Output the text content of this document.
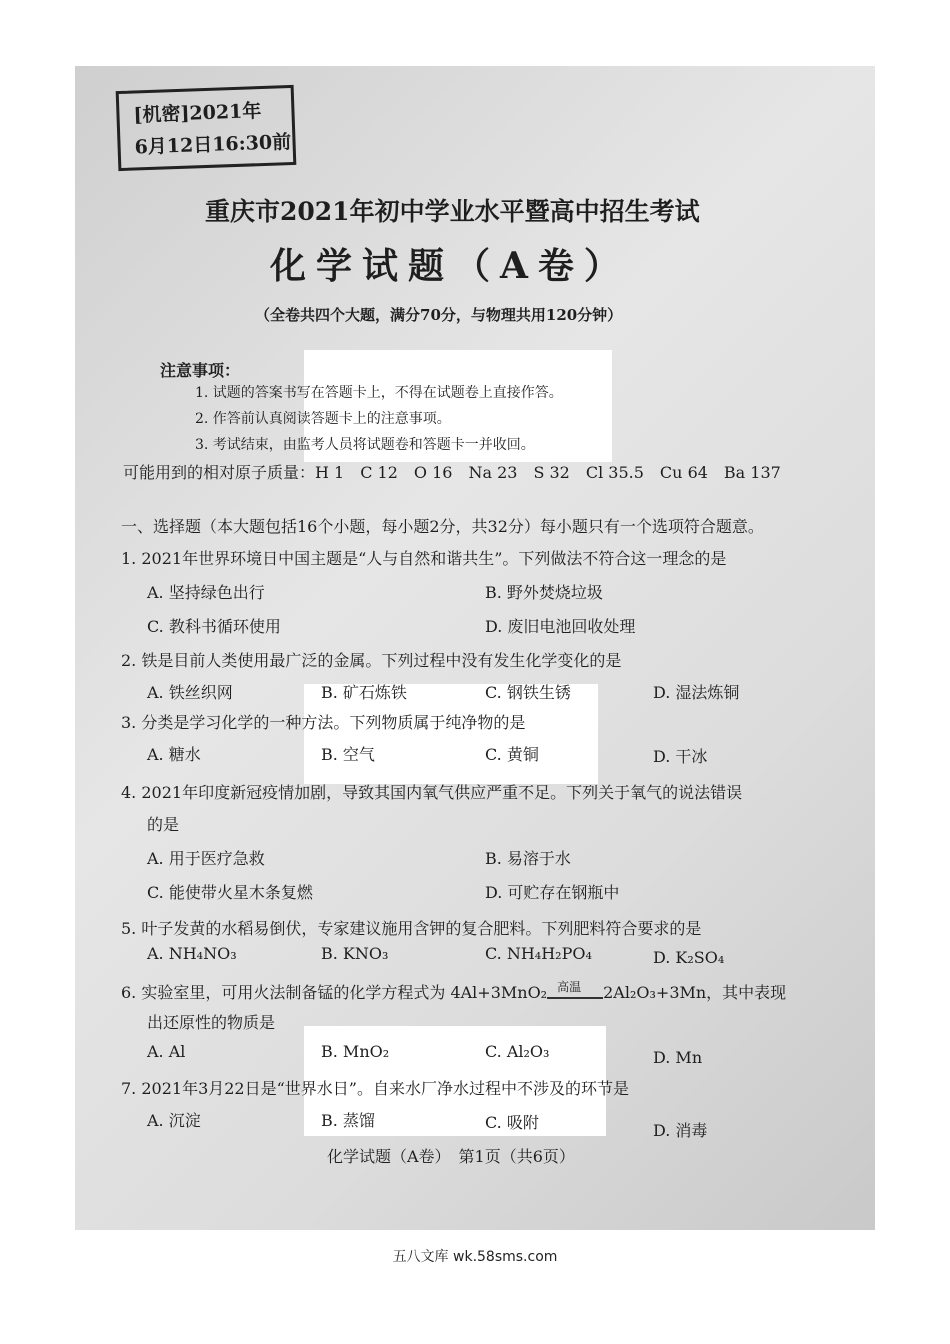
[机密]2021年
6月12日16:30前
重庆市2021年初中学业水平暨高中招生考试
化学试题（A卷）
（全卷共四个大题，满分70分，与物理共用120分钟）
注意事项：
1. 试题的答案书写在答题卡上，不得在试题卷上直接作答。
2. 作答前认真阅读答题卡上的注意事项。
3. 考试结束，由监考人员将试题卷和答题卡一并收回。
可能用到的相对原子质量：H 1　C 12　O 16　Na 23　S 32　Cl 35.5　Cu 64　Ba 137
一、选择题（本大题包括16个小题，每小题2分，共32分）每小题只有一个选项符合题意。
1. 2021年世界环境日中国主题是“人与自然和谐共生”。下列做法不符合这一理念的是
A. 坚持绿色出行	B. 野外焚烧垃圾
C. 教科书循环使用	D. 废旧电池回收处理
2. 铁是目前人类使用最广泛的金属。下列过程中没有发生化学变化的是
A. 铁丝织网	B. 矿石炼铁	C. 钢铁生锈	D. 湿法炼铜
3. 分类是学习化学的一种方法。下列物质属于纯净物的是
A. 糖水	B. 空气	C. 黄铜	D. 干冰
4. 2021年印度新冠疫情加剧，导致其国内氧气供应严重不足。下列关于氧气的说法错误
的是
A. 用于医疗急救	B. 易溶于水
C. 能使带火星木条复燃	D. 可贮存在钢瓶中
5. 叶子发黄的水稻易倒伏，专家建议施用含钾的复合肥料。下列肥料符合要求的是
A. NH₄NO₃	B. KNO₃	C. NH₄H₂PO₄	D. K₂SO₄
6. 实验室里，可用火法制备锰的化学方程式为 4Al+3MnO₂ 高温 2Al₂O₃+3Mn，其中表现
出还原性的物质是
A. Al	B. MnO₂	C. Al₂O₃	D. Mn
7. 2021年3月22日是“世界水日”。自来水厂净水过程中不涉及的环节是
A. 沉淀	B. 蒸馏	C. 吸附	D. 消毒
化学试题（A卷）　第1页（共6页）
五八文库 wk.58sms.com
